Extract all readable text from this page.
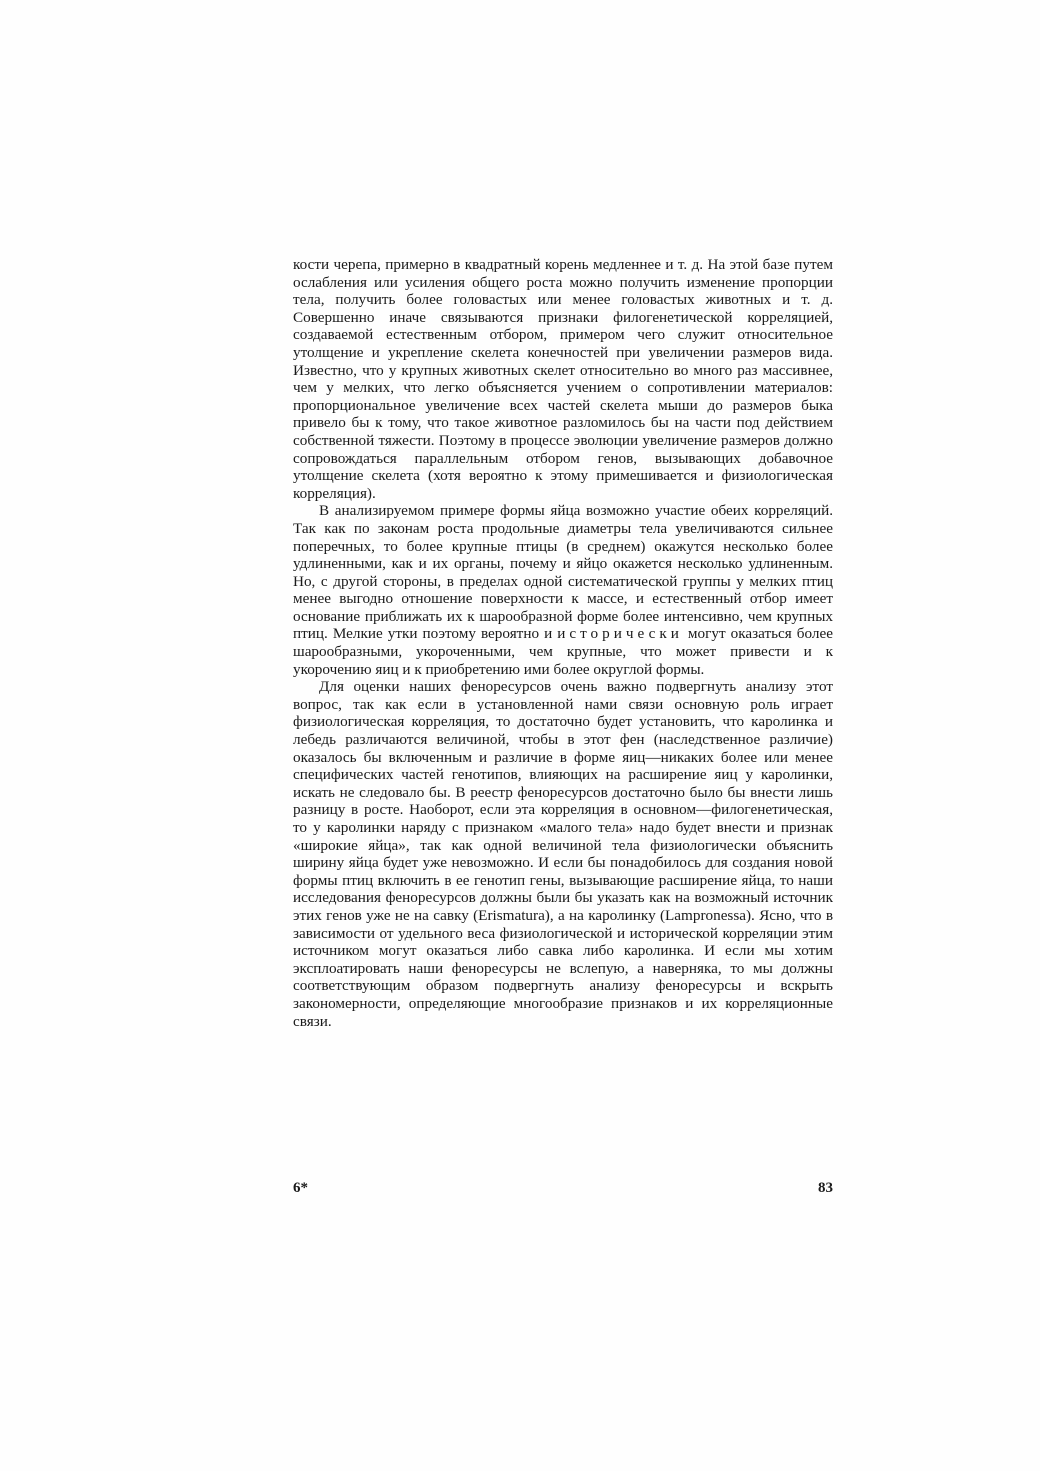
кости черепа, примерно в квадратный корень медленнее и т. д. На этой базе путем ослабления или усиления общего роста можно получить изменение пропорции тела, получить более головастых или менее головастых животных и т. д. Совершенно иначе связываются признаки филогенетической корреляцией, создаваемой естественным отбором, примером чего служит относительное утолщение и укрепление скелета конечностей при увеличении размеров вида. Известно, что у крупных животных скелет относительно во много раз массивнее, чем у мелких, что легко объясняется учением о сопротивлении материалов: пропорциональное увеличение всех частей скелета мыши до размеров быка привело бы к тому, что такое животное разломилось бы на части под действием собственной тяжести. Поэтому в процессе эволюции увеличение размеров должно сопровождаться параллельным отбором генов, вызывающих добавочное утолщение скелета (хотя вероятно к этому примешивается и физиологическая корреляция).

В анализируемом примере формы яйца возможно участие обеих корреляций. Так как по законам роста продольные диаметры тела увеличиваются сильнее поперечных, то более крупные птицы (в среднем) окажутся несколько более удлиненными, как и их органы, почему и яйцо окажется несколько удлиненным. Но, с другой стороны, в пределах одной систематической группы у мелких птиц менее выгодно отношение поверхности к массе, и естественный отбор имеет основание приближать их к шарообразной форме более интенсивно, чем крупных птиц. Мелкие утки поэтому вероятно и исторически могут оказаться более шарообразными, укороченными, чем крупные, что может привести и к укорочению яиц и к приобретению ими более округлой формы.

Для оценки наших феноресурсов очень важно подвергнуть анализу этот вопрос, так как если в установленной нами связи основную роль играет физиологическая корреляция, то достаточно будет установить, что каролинка и лебедь различаются величиной, чтобы в этот фен (наследственное различие) оказалось бы включенным и различие в форме яиц—никаких более или менее специфических частей генотипов, влияющих на расширение яиц у каролинки, искать не следовало бы. В реестр феноресурсов достаточно было бы внести лишь разницу в росте. Наоборот, если эта корреляция в основном—филогенетическая, то у каролинки наряду с признаком «малого тела» надо будет внести и признак «широкие яйца», так как одной величиной тела физиологически объяснить ширину яйца будет уже невозможно. И если бы понадобилось для создания новой формы птиц включить в ее генотип гены, вызывающие расширение яйца, то наши исследования феноресурсов должны были бы указать как на возможный источник этих генов уже не на савку (Erismatura), а на каролинку (Lampronessa). Ясно, что в зависимости от удельного веса физиологической и исторической корреляции этим источником могут оказаться либо савка либо каролинка. И если мы хотим эксплоатировать наши феноресурсы не вслепую, а наверняка, то мы должны соответствующим образом подвергнуть анализу феноресурсы и вскрыть закономерности, определяющие многообразие признаков и их корреляционные связи.

6*	83
